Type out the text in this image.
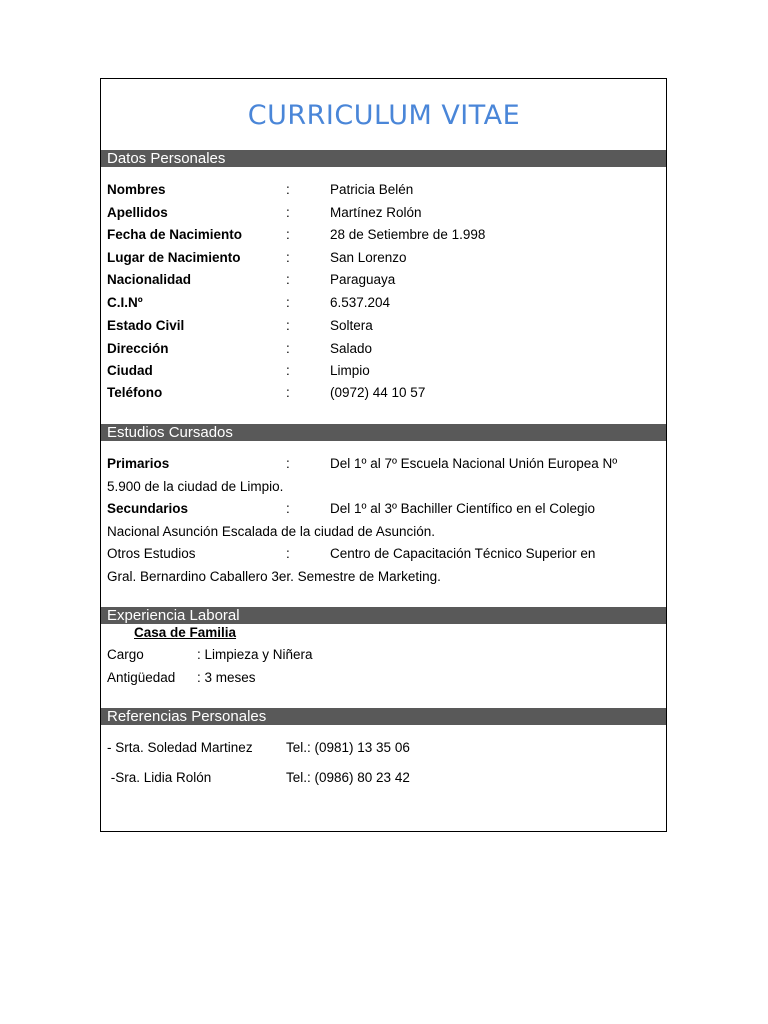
CURRICULUM VITAE
Datos Personales
Nombres	:	Patricia Belén
Apellidos	:	Martínez Rolón
Fecha de Nacimiento	:	28 de Setiembre de 1.998
Lugar de Nacimiento	:	San Lorenzo
Nacionalidad	:	Paraguaya
C.I.Nº	:	6.537.204
Estado Civil	:	Soltera
Dirección	:	Salado
Ciudad	:	Limpio
Teléfono	:	(0972) 44 10 57
Estudios Cursados
Primarios	:	Del 1º al 7º Escuela Nacional Unión Europea Nº
5.900 de la ciudad de Limpio.
Secundarios	:	Del 1º al 3º Bachiller Científico en el Colegio
Nacional Asunción Escalada de la ciudad de Asunción.
Otros Estudios	:	Centro de Capacitación Técnico Superior en
Gral. Bernardino Caballero 3er. Semestre de Marketing.
Experiencia Laboral
Casa de Familia
Cargo	: Limpieza y Niñera
Antigüedad : 3 meses
Referencias Personales
- Srta. Soledad Martinez Tel.: (0981) 13 35 06
-Sra. Lidia Rolón	Tel.: (0986) 80 23 42
